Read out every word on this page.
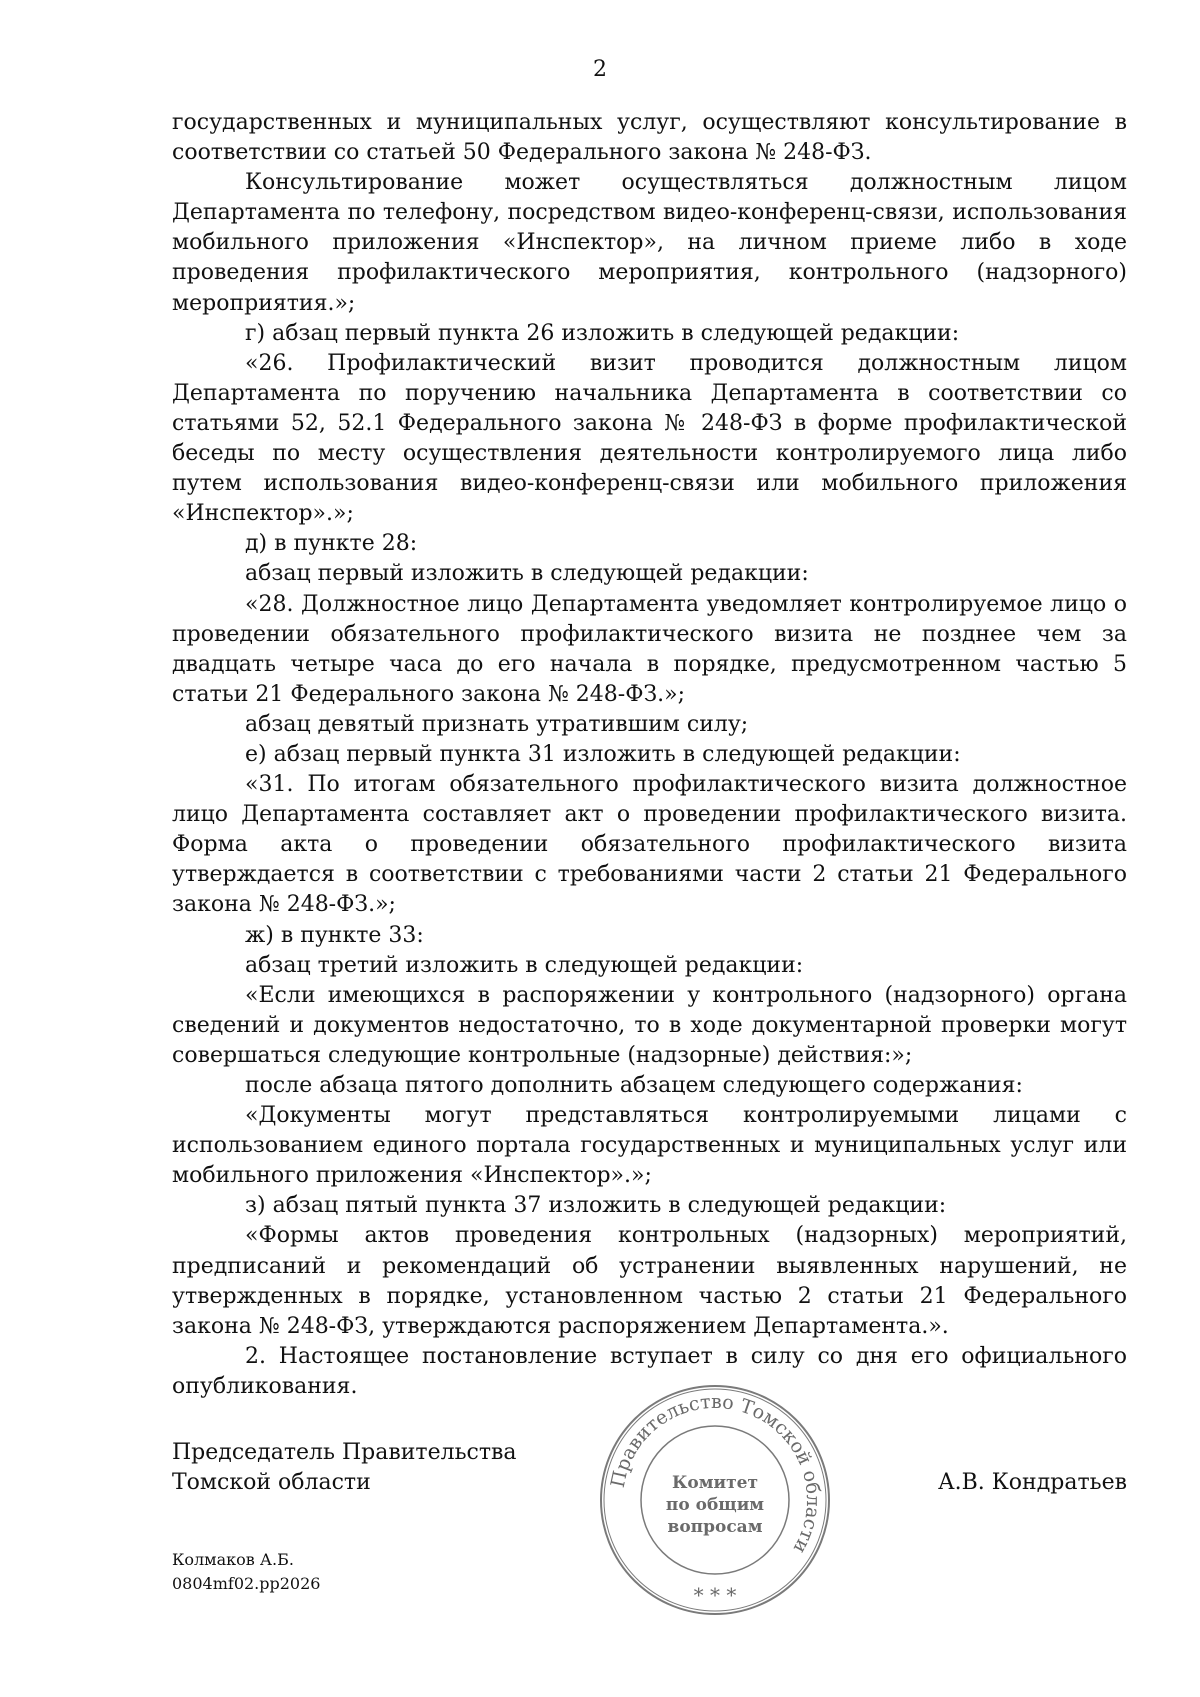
2

государственных и муниципальных услуг, осуществляют консультирование в соответствии со статьей 50 Федерального закона № 248-ФЗ.

Консультирование может осуществляться должностным лицом Департамента по телефону, посредством видео-конференц-связи, использования мобильного приложения «Инспектор», на личном приеме либо в ходе проведения профилактического мероприятия, контрольного (надзорного) мероприятия.»;

г) абзац первый пункта 26 изложить в следующей редакции:

«26. Профилактический визит проводится должностным лицом Департамента по поручению начальника Департамента в соответствии со статьями 52, 52.1 Федерального закона № 248-ФЗ в форме профилактической беседы по месту осуществления деятельности контролируемого лица либо путем использования видео-конференц-связи или мобильного приложения «Инспектор».»;

д) в пункте 28:

абзац первый изложить в следующей редакции:

«28. Должностное лицо Департамента уведомляет контролируемое лицо о проведении обязательного профилактического визита не позднее чем за двадцать четыре часа до его начала в порядке, предусмотренном частью 5 статьи 21 Федерального закона № 248-ФЗ.»;

абзац девятый признать утратившим силу;

е) абзац первый пункта 31 изложить в следующей редакции:

«31. По итогам обязательного профилактического визита должностное лицо Департамента составляет акт о проведении профилактического визита. Форма акта о проведении обязательного профилактического визита утверждается в соответствии с требованиями части 2 статьи 21 Федерального закона № 248-ФЗ.»;

ж) в пункте 33:

абзац третий изложить в следующей редакции:

«Если имеющихся в распоряжении у контрольного (надзорного) органа сведений и документов недостаточно, то в ходе документарной проверки могут совершаться следующие контрольные (надзорные) действия:»;

после абзаца пятого дополнить абзацем следующего содержания:

«Документы могут представляться контролируемыми лицами с использованием единого портала государственных и муниципальных услуг или мобильного приложения «Инспектор».»;

з) абзац пятый пункта 37 изложить в следующей редакции:

«Формы актов проведения контрольных (надзорных) мероприятий, предписаний и рекомендаций об устранении выявленных нарушений, не утвержденных в порядке, установленном частью 2 статьи 21 Федерального закона № 248-ФЗ, утверждаются распоряжением Департамента.».

2. Настоящее постановление вступает в силу со дня его официального опубликования.

Председатель Правительства
Томской области	Правительство Томской области
Комитет
по общим
вопросам
* * *
А.В. Кондратьев
Колмаков А.Б.
0804mf02.pp2026
